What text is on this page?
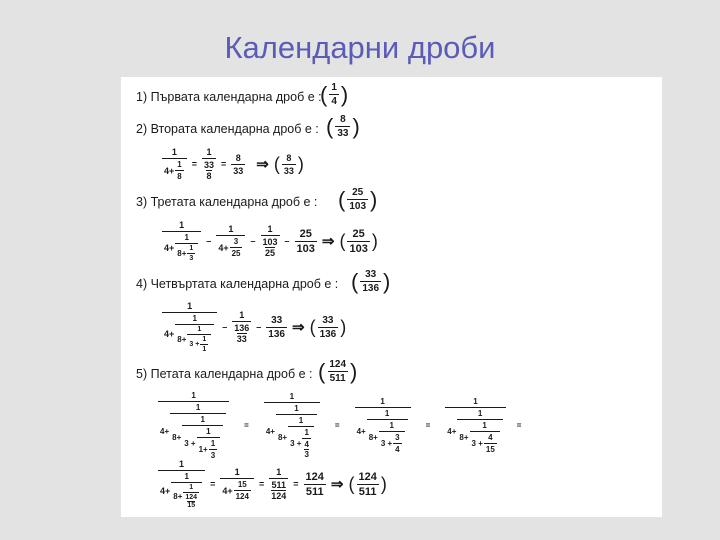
Календарни дроби
1) Първата календарна дроб е :
( 1
4 )
2) Втората календарна дроб е : ( 8
33 )
$\frac{1}{4+ \frac{1}{8}} = 1$
33
$8 = \frac{8}{33}$ ⇒ ( 8
33 )
3) Третата календарна дроб е : ( 25
103 )
1
$4+ \frac{1}{8+ \frac{1}{3}}$ –
1
$4+ \frac{3}{25}$ –
1
103
25
–
25
103 ⇒ ( 25
103 )
4) Четвъртата календарна дроб е : ( 33
136 )
1
$4+ \frac{1}{8+ \frac{1}{3 + \frac{1}{1}}}$ –
1
136
33
–
33
136 ⇒ ( 33
136 )
5) Петата календарна дроб е : ( 124
511 )
$\frac{1}{4+ \frac{1}{8+ \frac{1}{3 + \frac{1}{1+ \frac{1}{3}}}}} = 1$
4+ 1
8+ 1
3 + 1
4
$3 = \frac{1}{4+ \frac{1}{8+ \frac{1}{3 + \frac{3}{4}}}} = \frac{1}{4+ \frac{1}{8+ \frac{1}{3 + \frac{4}{15}}}}$ =
1
4+ 1
8+ 1
124
$15 = \frac{1}{4+ \frac{15}{124}} = 1$
511
$124 = \frac{124}{511}$ ⇒ ( 124
511 )
